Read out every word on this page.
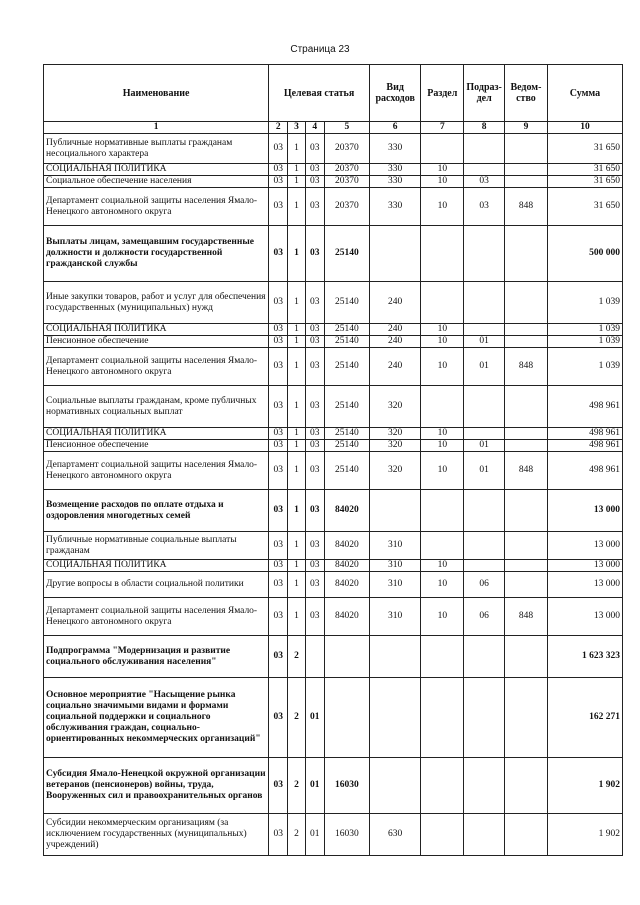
Страница 23
Наименование	Целевая статья				Вид расходов	Раздел	Подраз-дел	Ведом-ство	Сумма
1	2	3	4	5	6	7	8	9	10
Публичные нормативные выплаты гражданам несоциального характера	03	1	03	20370	330				31 650
СОЦИАЛЬНАЯ ПОЛИТИКА	03	1	03	20370	330	10			31 650
Социальное обеспечение населения	03	1	03	20370	330	10	03		31 650
Департамент социальной защиты населения Ямало-Ненецкого автономного округа	03	1	03	20370	330	10	03	848	31 650
Выплаты лицам, замещавшим государственные должности и должности государственной гражданской службы	03	1	03	25140					500 000
Иные закупки товаров, работ и услуг для обеспечения государственных (муниципальных) нужд	03	1	03	25140	240				1 039
СОЦИАЛЬНАЯ ПОЛИТИКА	03	1	03	25140	240	10			1 039
Пенсионное обеспечение	03	1	03	25140	240	10	01		1 039
Департамент социальной защиты населения Ямало-Ненецкого автономного округа	03	1	03	25140	240	10	01	848	1 039
Социальные выплаты гражданам, кроме публичных нормативных социальных выплат	03	1	03	25140	320				498 961
СОЦИАЛЬНАЯ ПОЛИТИКА	03	1	03	25140	320	10			498 961
Пенсионное обеспечение	03	1	03	25140	320	10	01		498 961
Департамент социальной защиты населения Ямало-Ненецкого автономного округа	03	1	03	25140	320	10	01	848	498 961
Возмещение расходов по оплате отдыха и оздоровления многодетных семей	03	1	03	84020					13 000
Публичные нормативные социальные выплаты гражданам	03	1	03	84020	310				13 000
СОЦИАЛЬНАЯ ПОЛИТИКА	03	1	03	84020	310	10			13 000
Другие вопросы в области социальной политики	03	1	03	84020	310	10	06		13 000
Департамент социальной защиты населения Ямало-Ненецкого автономного округа	03	1	03	84020	310	10	06	848	13 000
Подпрограмма "Модернизация и развитие социального обслуживания населения"	03	2							1 623 323
Основное мероприятие "Насыщение рынка социально значимыми видами и формами социальной поддержки и социального обслуживания граждан, социально-ориентированных некоммерческих организаций"	03	2	01						162 271
Субсидия Ямало-Ненецкой окружной организации ветеранов (пенсионеров) войны, труда, Вооруженных сил и правоохранительных органов	03	2	01	16030					1 902
Субсидии некоммерческим организациям (за исключением государственных (муниципальных) учреждений)	03	2	01	16030	630				1 902
